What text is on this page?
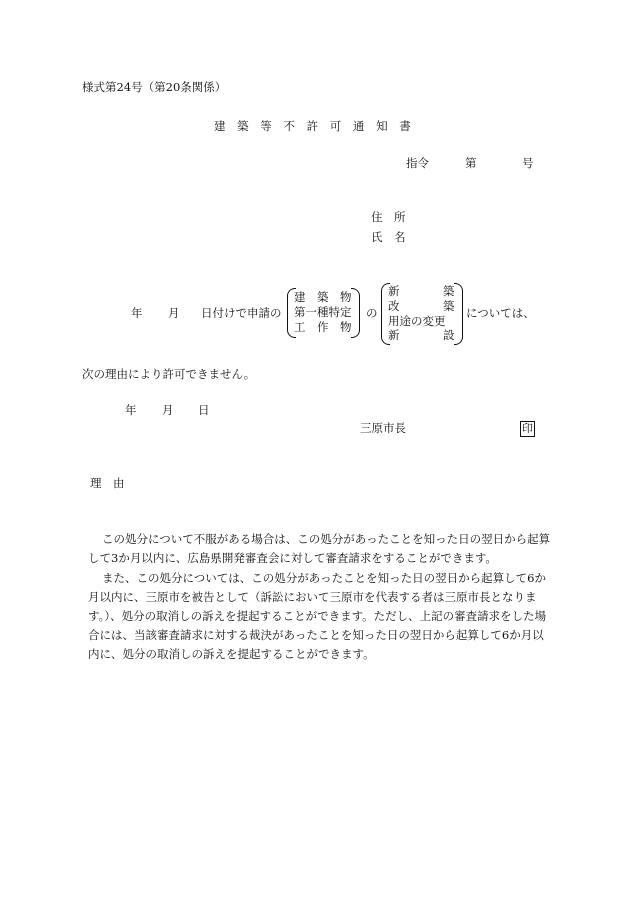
様式第24号（第20条関係）
建 築 等 不 許 可 通 知 書
指令	第	号
住　所
氏　名
年 月 日付けで申請の
建　築　物
第一種特定
工　作　物
の
新	築
改	築
用途の変更
新	設
については、
次の理由により許可できません。
年 月 日
三原市長	印
理　由
この処分について不服がある場合は、この処分があったことを知った日の翌日から起算して3か月以内に、広島県開発審査会に対して審査請求をすることができます。
また、この処分については、この処分があったことを知った日の翌日から起算して6か月以内に、三原市を被告として（訴訟において三原市を代表する者は三原市長となります。）、処分の取消しの訴えを提起することができます。ただし、上記の審査請求をした場合には、当該審査請求に対する裁決があったことを知った日の翌日から起算して6か月以内に、処分の取消しの訴えを提起することができます。
